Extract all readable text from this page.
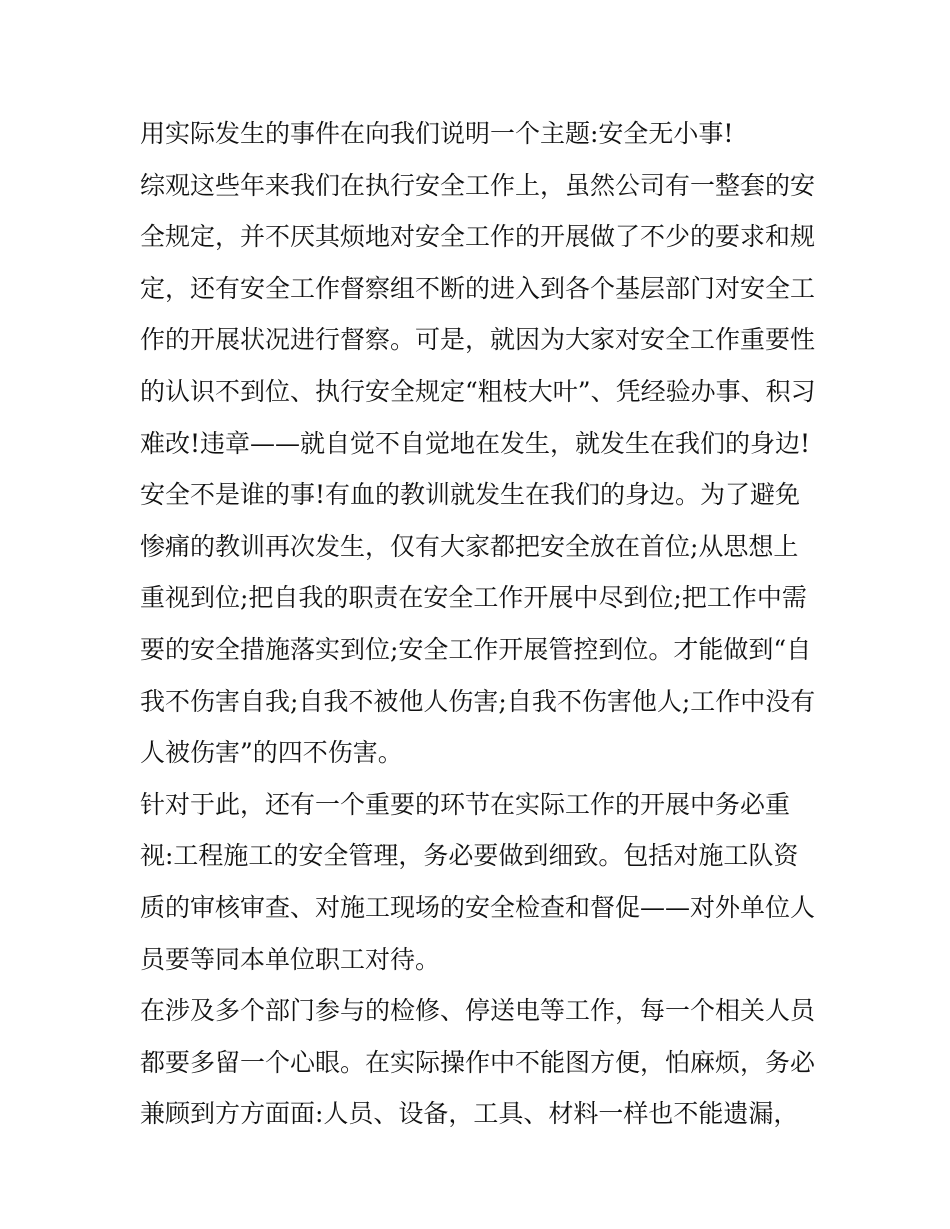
用实际发生的事件在向我们说明一个主题:安全无小事!
综观这些年来我们在执行安全工作上，虽然公司有一整套的安
全规定，并不厌其烦地对安全工作的开展做了不少的要求和规
定，还有安全工作督察组不断的进入到各个基层部门对安全工
作的开展状况进行督察。可是，就因为大家对安全工作重要性
的认识不到位、执行安全规定“粗枝大叶”、凭经验办事、积习
难改!违章——就自觉不自觉地在发生，就发生在我们的身边!
安全不是谁的事!有血的教训就发生在我们的身边。为了避免
惨痛的教训再次发生，仅有大家都把安全放在首位;从思想上
重视到位;把自我的职责在安全工作开展中尽到位;把工作中需
要的安全措施落实到位;安全工作开展管控到位。才能做到“自
我不伤害自我;自我不被他人伤害;自我不伤害他人;工作中没有
人被伤害”的四不伤害。
针对于此，还有一个重要的环节在实际工作的开展中务必重
视:工程施工的安全管理，务必要做到细致。包括对施工队资
质的审核审查、对施工现场的安全检查和督促——对外单位人
员要等同本单位职工对待。
在涉及多个部门参与的检修、停送电等工作，每一个相关人员
都要多留一个心眼。在实际操作中不能图方便，怕麻烦，务必
兼顾到方方面面:人员、设备，工具、材料一样也不能遗漏，
